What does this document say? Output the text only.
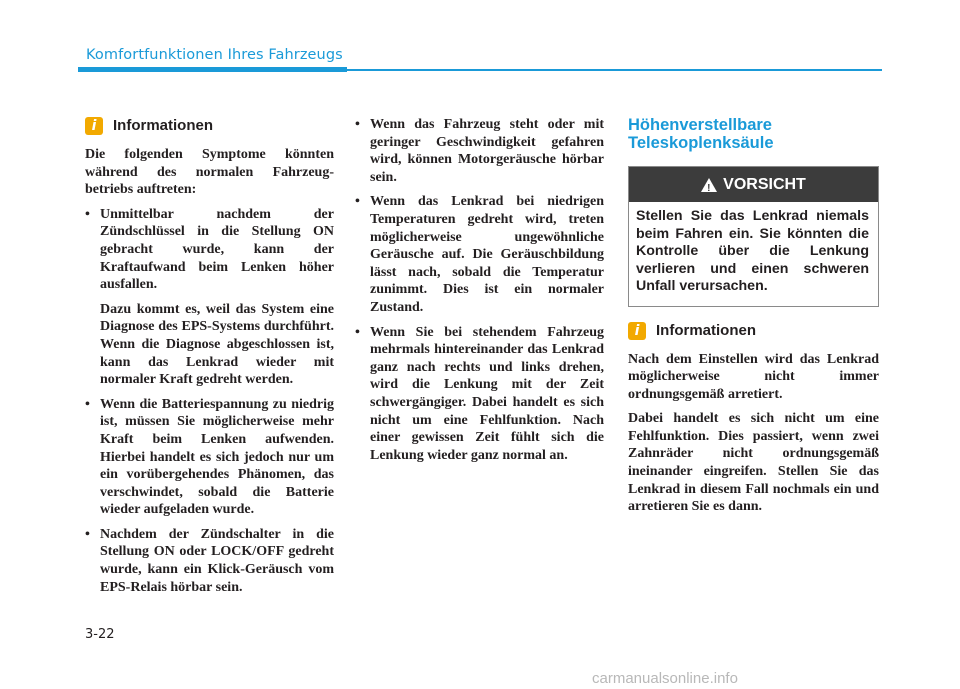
Komfortfunktionen Ihres Fahrzeugs
i	Informationen

Die folgenden Symptome könnten während des normalen Fahrzeug-betriebs auftreten:

• Unmittelbar nachdem der Zündschlüssel in die Stellung ON gebracht wurde, kann der Kraftaufwand beim Lenken höher ausfallen.
Dazu kommt es, weil das System eine Diagnose des EPS-Systems durchführt. Wenn die Diagnose abgeschlossen ist, kann das Lenkrad wieder mit normaler Kraft gedreht werden.
• Wenn die Batteriespannung zu niedrig ist, müssen Sie möglicherweise mehr Kraft beim Lenken aufwenden. Hierbei handelt es sich jedoch nur um ein vorübergehendes Phänomen, das verschwindet, sobald die Batterie wieder aufgeladen wurde.
• Nachdem der Zündschalter in die Stellung ON oder LOCK/OFF gedreht wurde, kann ein Klick-Geräusch vom EPS-Relais hörbar sein.
• Wenn das Fahrzeug steht oder mit geringer Geschwindigkeit gefahren wird, können Motorgeräusche hörbar sein.
• Wenn das Lenkrad bei niedrigen Temperaturen gedreht wird, treten möglicherweise ungewöhnliche Geräusche auf. Die Geräuschbildung lässt nach, sobald die Temperatur zunimmt. Dies ist ein normaler Zustand.
• Wenn Sie bei stehendem Fahrzeug mehrmals hintereinander das Lenkrad ganz nach rechts und links drehen, wird die Lenkung mit der Zeit schwergängiger. Dabei handelt es sich nicht um eine Fehlfunktion. Nach einer gewissen Zeit fühlt sich die Lenkung wieder ganz normal an.
Höhenverstellbare
Teleskoplenksäule
!
VORSICHT
Stellen Sie das Lenkrad niemals beim Fahren ein. Sie könnten die Kontrolle über die Lenkung verlieren und einen schweren Unfall verursachen.
i	Informationen

Nach dem Einstellen wird das Lenkrad möglicherweise nicht immer ordnungsgemäß arretiert.

Dabei handelt es sich nicht um eine Fehlfunktion. Dies passiert, wenn zwei Zahnräder nicht ordnungsgemäß ineinander eingreifen. Stellen Sie das Lenkrad in diesem Fall nochmals ein und arretieren Sie es dann.

3-22
carmanualsonline.info
